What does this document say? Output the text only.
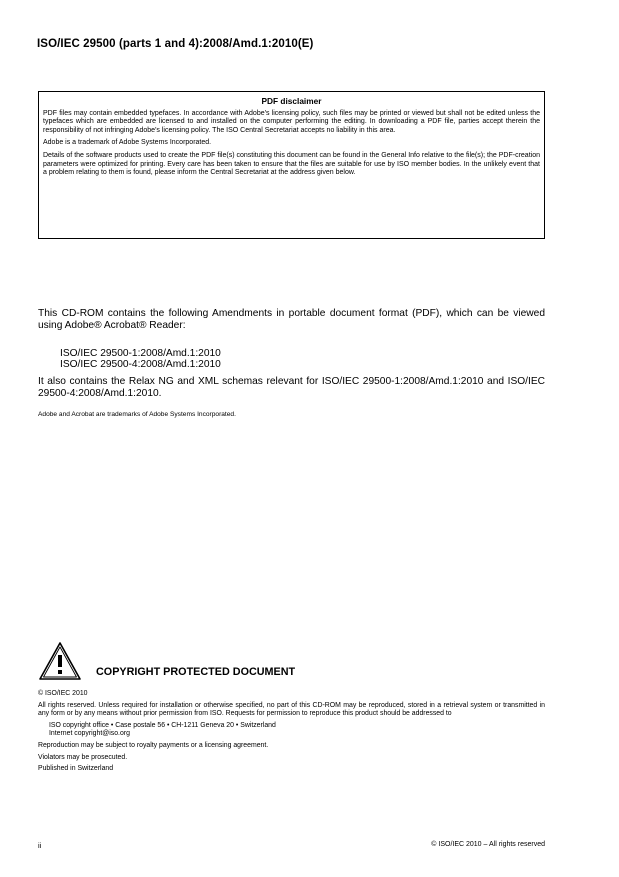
ISO/IEC 29500 (parts 1 and 4):2008/Amd.1:2010(E)
PDF disclaimer

PDF files may contain embedded typefaces. In accordance with Adobe's licensing policy, such files may be printed or viewed but shall not be edited unless the typefaces which are embedded are licensed to and installed on the computer performing the editing. In downloading a PDF file, parties accept therein the responsibility of not infringing Adobe's licensing policy. The ISO Central Secretariat accepts no liability in this area.

Adobe is a trademark of Adobe Systems Incorporated.

Details of the software products used to create the PDF file(s) constituting this document can be found in the General Info relative to the file(s); the PDF-creation parameters were optimized for printing. Every care has been taken to ensure that the files are suitable for use by ISO member bodies. In the unlikely event that a problem relating to them is found, please inform the Central Secretariat at the address given below.

This CD-ROM contains the following Amendments in portable document format (PDF), which can be viewed using Adobe® Acrobat® Reader:
ISO/IEC 29500-1:2008/Amd.1:2010
ISO/IEC 29500-4:2008/Amd.1:2010
It also contains the Relax NG and XML schemas relevant for ISO/IEC 29500-1:2008/Amd.1:2010 and ISO/IEC 29500-4:2008/Amd.1:2010.
Adobe and Acrobat are trademarks of Adobe Systems Incorporated.
COPYRIGHT PROTECTED DOCUMENT

© ISO/IEC 2010

All rights reserved. Unless required for installation or otherwise specified, no part of this CD-ROM may be reproduced, stored in a retrieval system or transmitted in any form or by any means without prior permission from ISO. Requests for permission to reproduce this product should be addressed to

ISO copyright office • Case postale 56 • CH-1211 Geneva 20 • Switzerland

Internet copyright@iso.org

Reproduction may be subject to royalty payments or a licensing agreement.

Violators may be prosecuted.

Published in Switzerland

ii	© ISO/IEC 2010 – All rights reserved
